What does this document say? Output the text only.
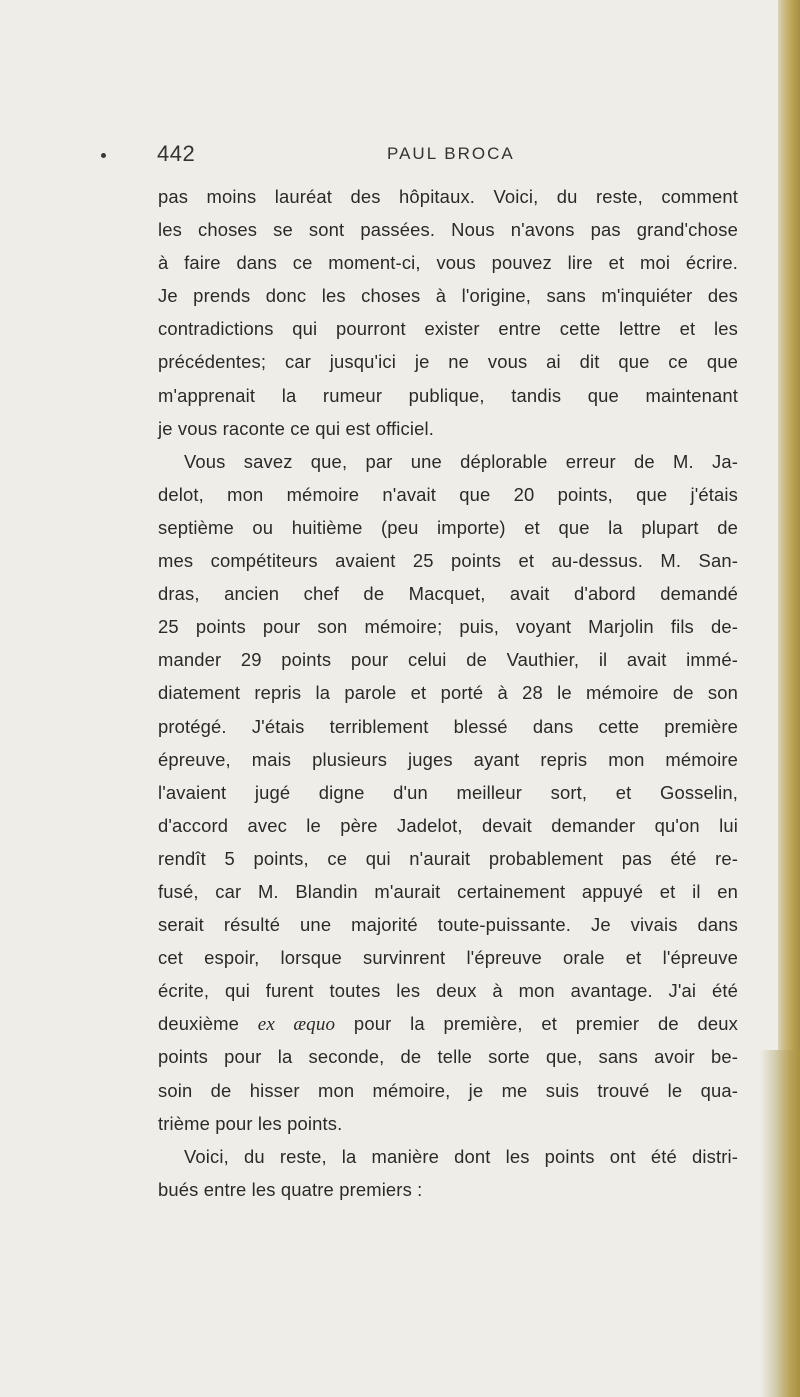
442	PAUL BROCA
pas moins lauréat des hôpitaux. Voici, du reste, comment
les choses se sont passées. Nous n'avons pas grand'chose
à faire dans ce moment-ci, vous pouvez lire et moi écrire.
Je prends donc les choses à l'origine, sans m'inquiéter des
contradictions qui pourront exister entre cette lettre et les
précédentes; car jusqu'ici je ne vous ai dit que ce que
m'apprenait la rumeur publique, tandis que maintenant
je vous raconte ce qui est officiel.
Vous savez que, par une déplorable erreur de M. Ja-
delot, mon mémoire n'avait que 20 points, que j'étais
septième ou huitième (peu importe) et que la plupart de
mes compétiteurs avaient 25 points et au-dessus. M. San-
dras, ancien chef de Macquet, avait d'abord demandé
25 points pour son mémoire; puis, voyant Marjolin fils de-
mander 29 points pour celui de Vauthier, il avait immé-
diatement repris la parole et porté à 28 le mémoire de son
protégé. J'étais terriblement blessé dans cette première
épreuve, mais plusieurs juges ayant repris mon mémoire
l'avaient jugé digne d'un meilleur sort, et Gosselin,
d'accord avec le père Jadelot, devait demander qu'on lui
rendît 5 points, ce qui n'aurait probablement pas été re-
fusé, car M. Blandin m'aurait certainement appuyé et il en
serait résulté une majorité toute-puissante. Je vivais dans
cet espoir, lorsque survinrent l'épreuve orale et l'épreuve
écrite, qui furent toutes les deux à mon avantage. J'ai été
deuxième ex æquo pour la première, et premier de deux
points pour la seconde, de telle sorte que, sans avoir be-
soin de hisser mon mémoire, je me suis trouvé le qua-
trième pour les points.
Voici, du reste, la manière dont les points ont été distri-
bués entre les quatre premiers :
